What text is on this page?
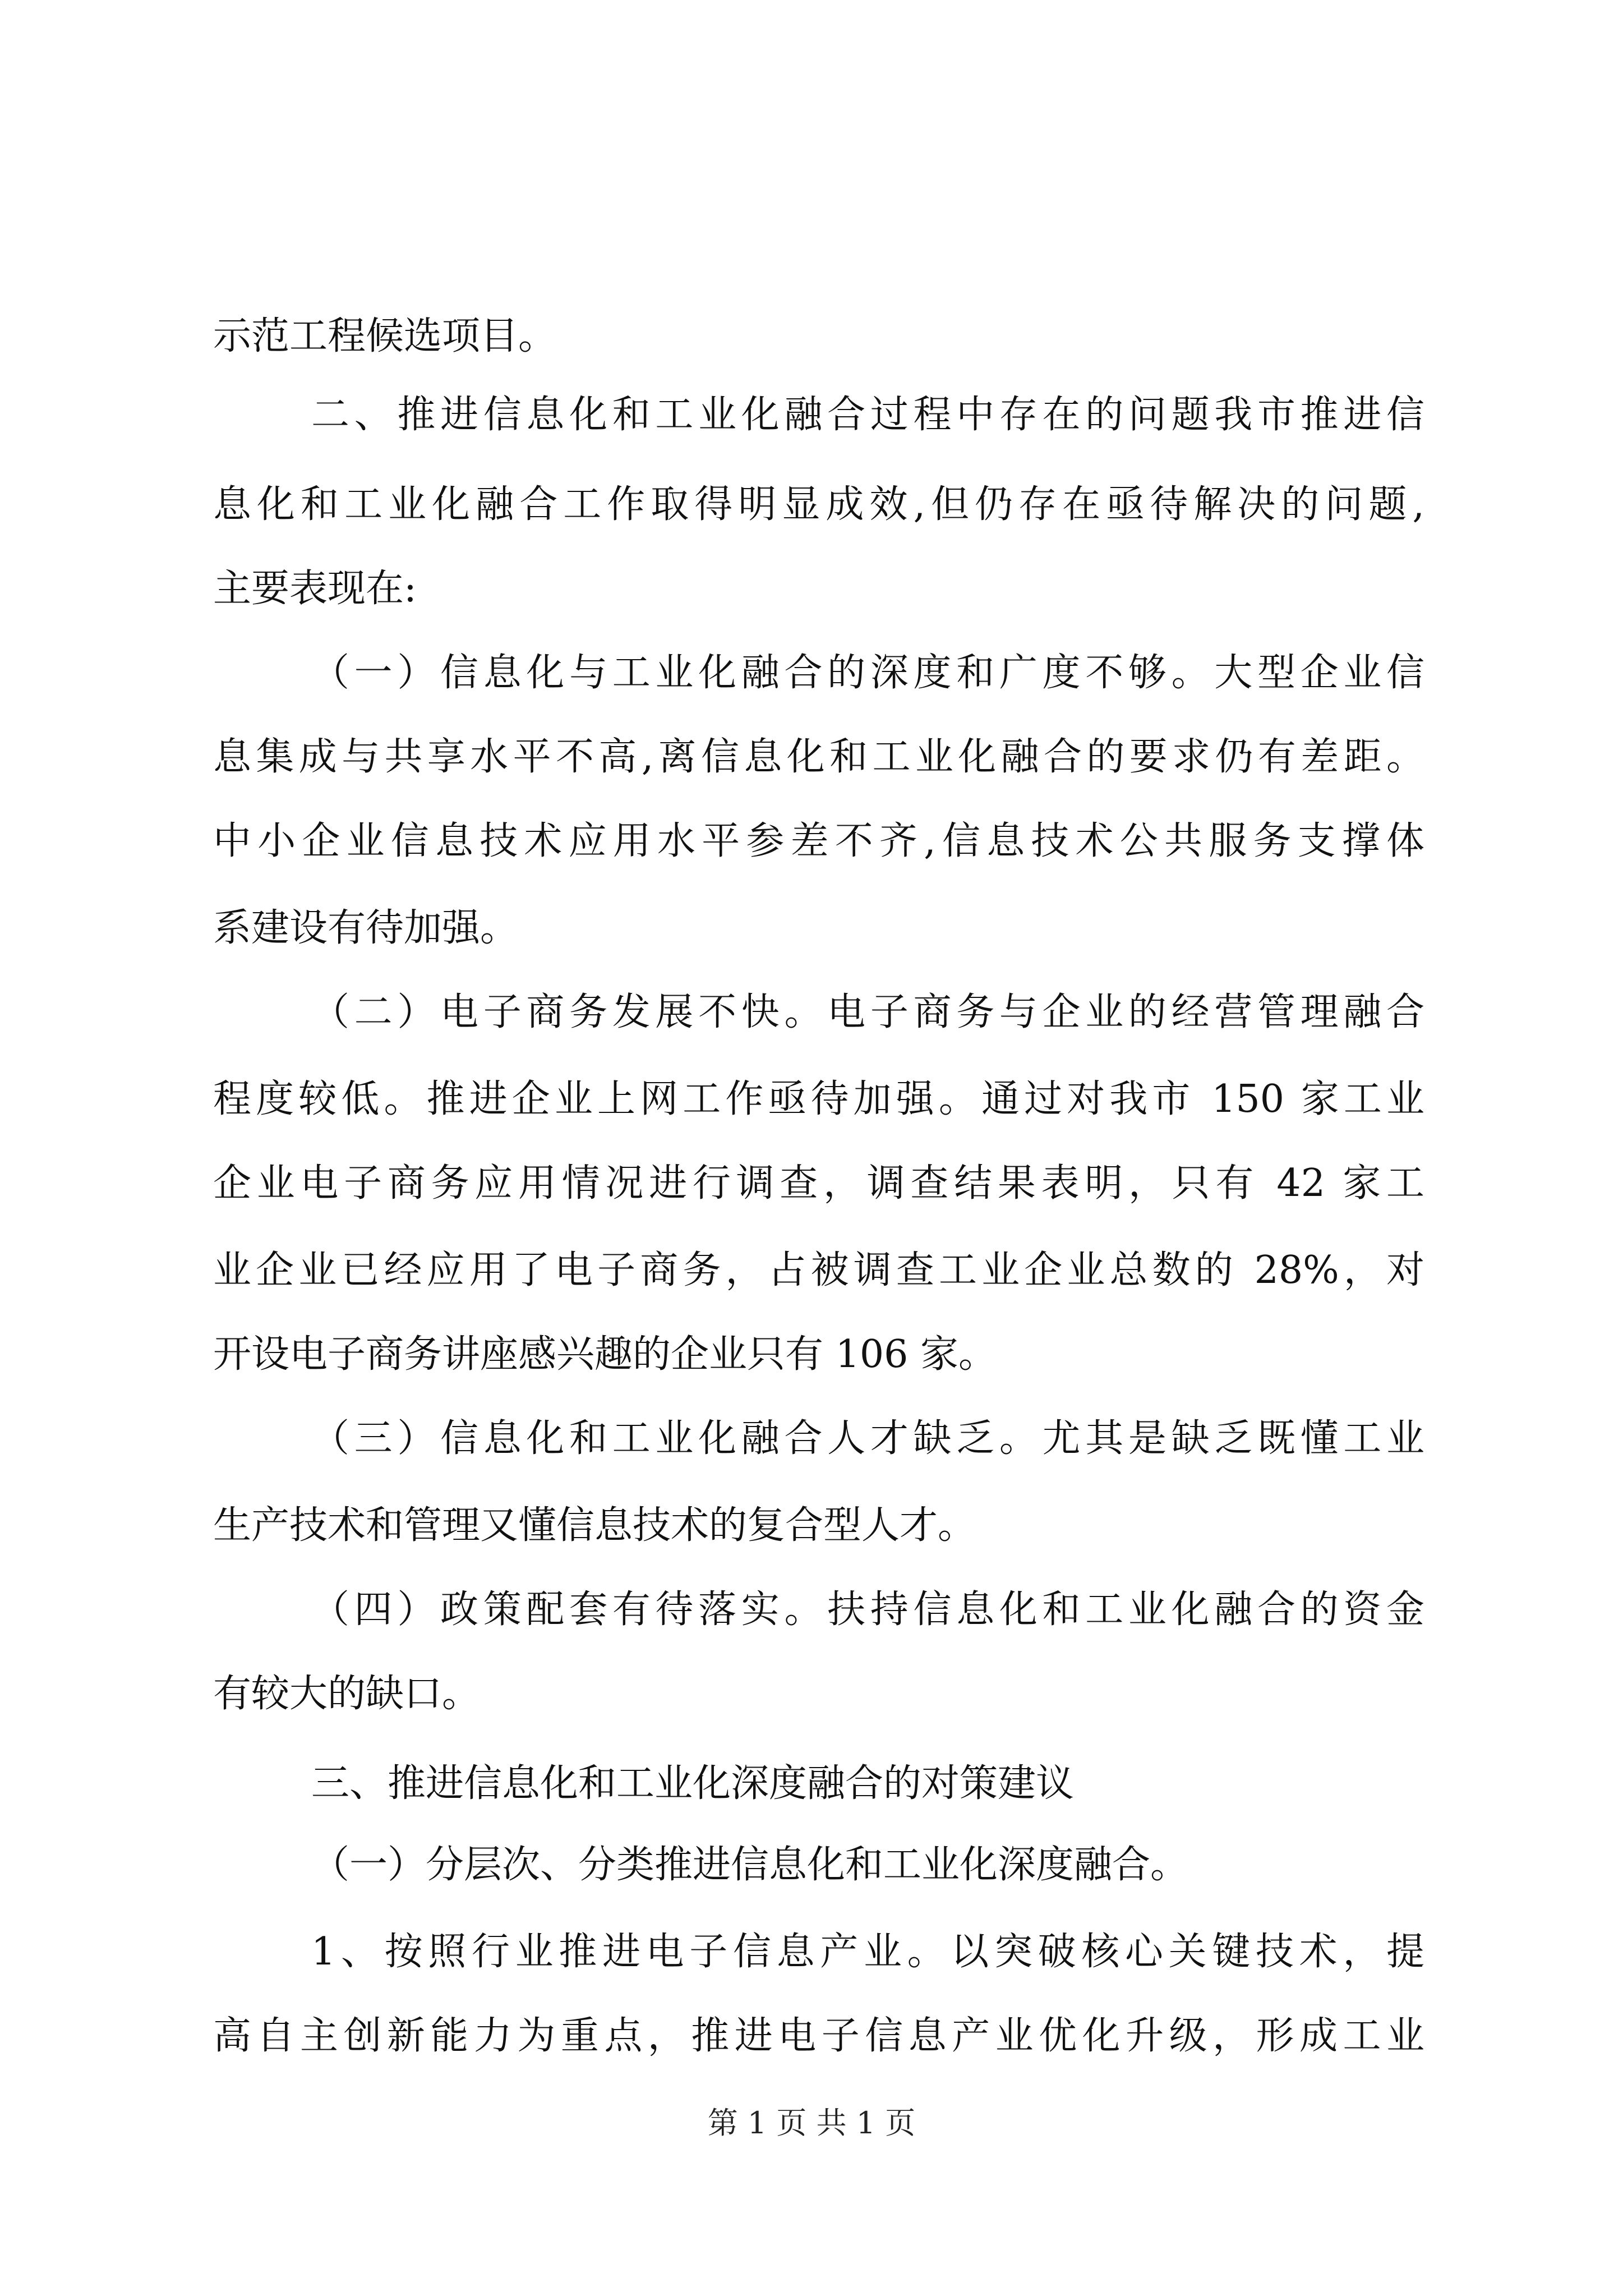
示范工程候选项目。
二、推进信息化和工业化融合过程中存在的问题我市推进信
息化和工业化融合工作取得明显成效,但仍存在亟待解决的问题,
主要表现在:
（一）信息化与工业化融合的深度和广度不够。大型企业信
息集成与共享水平不高,离信息化和工业化融合的要求仍有差距。
中小企业信息技术应用水平参差不齐,信息技术公共服务支撑体
系建设有待加强。
（二）电子商务发展不快。电子商务与企业的经营管理融合
程度较低。推进企业上网工作亟待加强。通过对我市 150 家工业
企业电子商务应用情况进行调查，调查结果表明，只有 42 家工
业企业已经应用了电子商务，占被调查工业企业总数的 28%，对
开设电子商务讲座感兴趣的企业只有 106 家。
（三）信息化和工业化融合人才缺乏。尤其是缺乏既懂工业
生产技术和管理又懂信息技术的复合型人才。
（四）政策配套有待落实。扶持信息化和工业化融合的资金
有较大的缺口。
三、推进信息化和工业化深度融合的对策建议
（一）分层次、分类推进信息化和工业化深度融合。
1、按照行业推进电子信息产业。以突破核心关键技术，提
高自主创新能力为重点，推进电子信息产业优化升级，形成工业
第 1 页 共 1 页
